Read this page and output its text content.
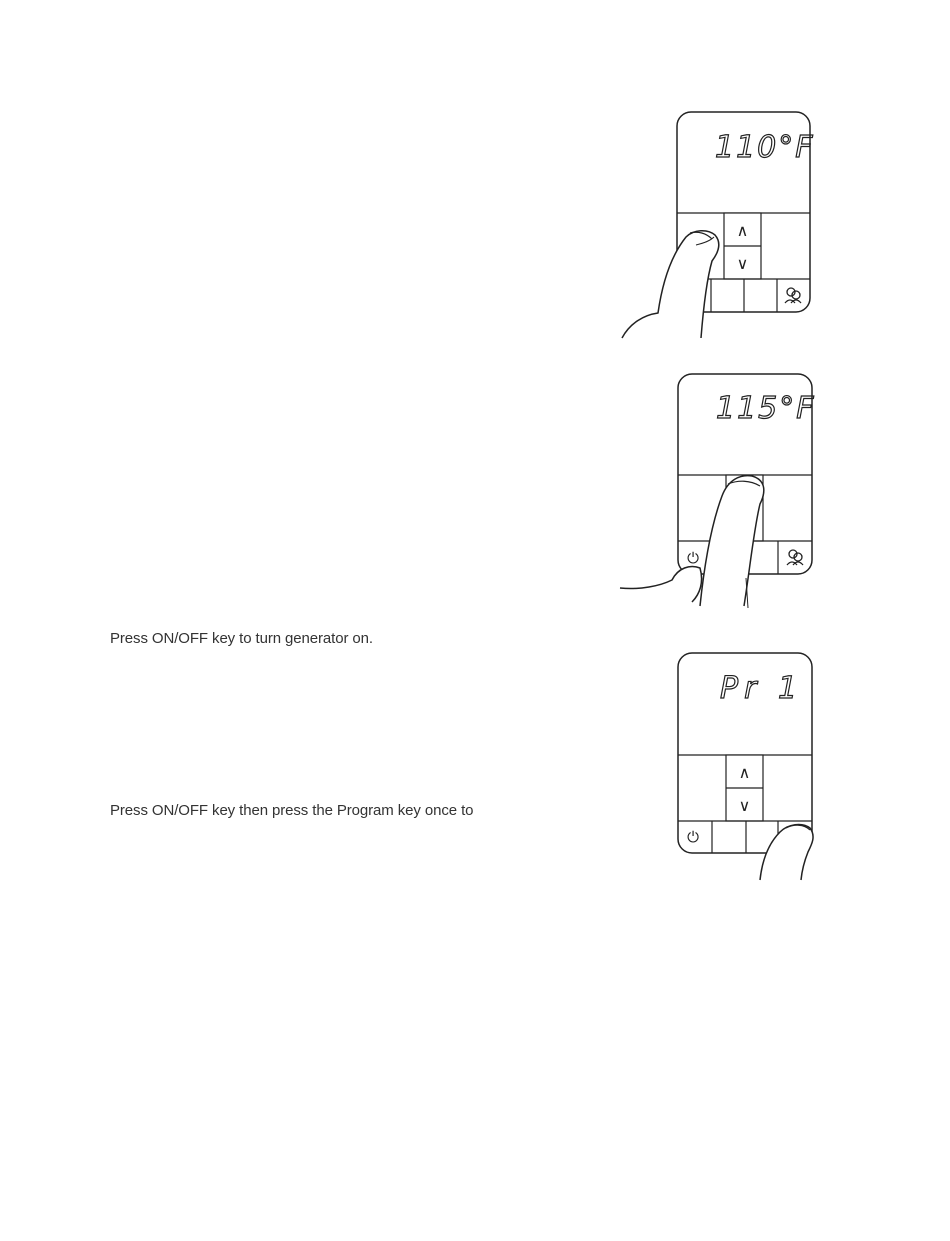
Press ON/OFF key to turn generator on.
Press ON/OFF key then press the Program key once to
110°F
∧
∨
115°F
⏻
Pr 1
∧
∨
⏻
